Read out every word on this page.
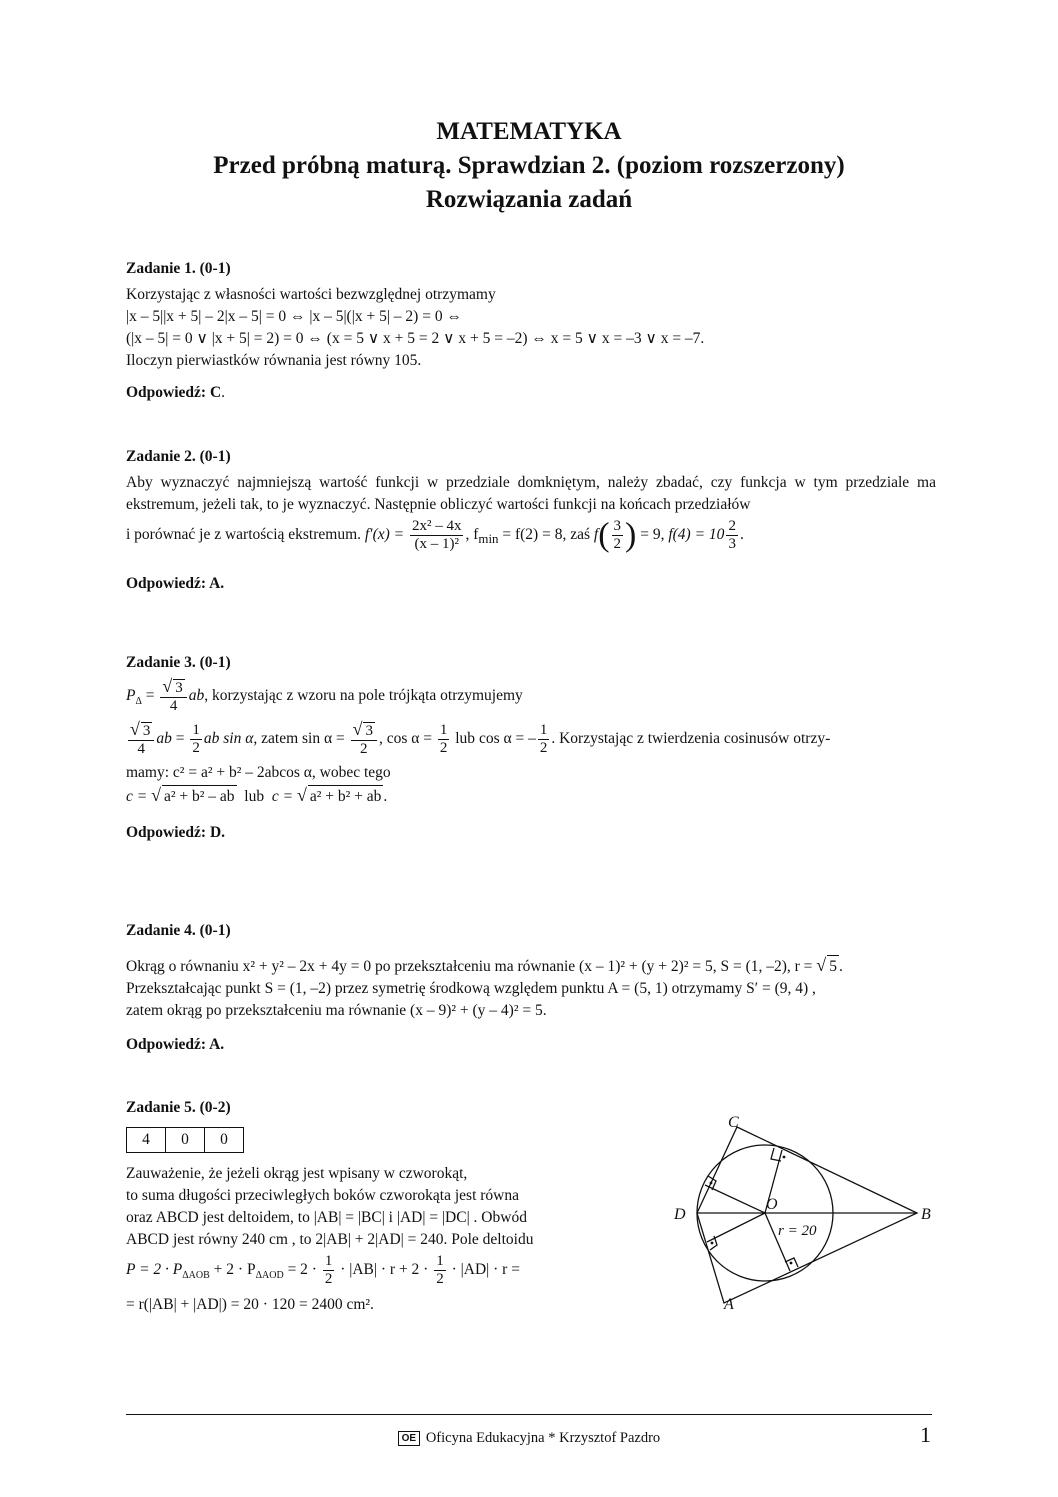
MATEMATYKA
Przed próbną maturą. Sprawdzian 2. (poziom rozszerzony)
Rozwiązania zadań
Zadanie 1. (0-1)
Korzystając z własności wartości bezwzględnej otrzymamy
|x – 5||x + 5| – 2|x – 5| = 0 ⇔ |x – 5|(|x + 5| – 2) = 0 ⇔
(|x – 5| = 0 ∨ |x + 5| = 2) = 0 ⇔ (x = 5 ∨ x + 5 = 2 ∨ x + 5 = –2) ⇔ x = 5 ∨ x = –3 ∨ x = –7.
Iloczyn pierwiastków równania jest równy 105.
Odpowiedź: C.
Zadanie 2. (0-1)
Aby wyznaczyć najmniejszą wartość funkcji w przedziale domkniętym, należy zbadać, czy funkcja w tym przedziale ma ekstremum, jeżeli tak, to je wyznaczyć. Następnie obliczyć wartości funkcji na końcach przedziałów
i porównać je z wartością ekstremum. $f'(x) = \frac{\text{2x² – 4x}}{\text{(x – 1)²}}$ , $f_{min} = f(2) = 8$, zaś $f( \frac{3}{2}$ ) = 9, $f(4) = 10 \frac{2}{3}$ .
Odpowiedź: A.
Zadanie 3. (0-1)
$P_\Delta = \frac{√ 3}{4}$ ab, korzystając z wzoru na pole trójkąta otrzymujemy
$\frac{√ 3}{4}$ ab = $\frac{1}{2}$ ab sin α, zatem $\sin \alpha = \frac{√ 3}{2}$ , $\cos \alpha = \frac{1}{2}$ lub cos α = – $\frac{1}{2}$ . Korzystając z twierdzenia cosinusów otrzy-
mamy: c² = a² + b² – 2abcos α, wobec tego
c = √ a² + b² – ab lub c = √ a² + b² + ab .
Odpowiedź: D.
Zadanie 4. (0-1)
Okrąg o równaniu x² + y² – 2x + 4y = 0 po przekształceniu ma równanie (x – 1)² + (y + 2)² = 5, S = (1, –2), r = √ 5 .
Przekształcając punkt S = (1, –2) przez symetrię środkową względem punktu A = (5, 1) otrzymamy S′ = (9, 4) ,
zatem okrąg po przekształceniu ma równanie (x – 9)² + (y – 4)² = 5.
Odpowiedź: A.
Zadanie 5. (0-2)
4	0	0
Zauważenie, że jeżeli okrąg jest wpisany w czworokąt,
to suma długości przeciwległych boków czworokąta jest równa
oraz ABCD jest deltoidem, to |AB| = |BC| i |AD| = |DC| . Obwód
ABCD jest równy 240 cm , to 2|AB| + 2|AD| = 240. Pole deltoidu
$P = 2 \cdot P_{\Delta AOB} + 2 \cdot P_{\Delta AOD} = 2 \cdot \frac{1}{2} \cdot |AB| \cdot r + 2 \cdot \frac{1}{2} \cdot |AD| \cdot r$ =
= r(|AB| + |AD|) = 20 · 120 = 2400 cm².
C
D
O
B
A
r = 20
OE Oficyna Edukacyjna * Krzysztof Pazdro	1
